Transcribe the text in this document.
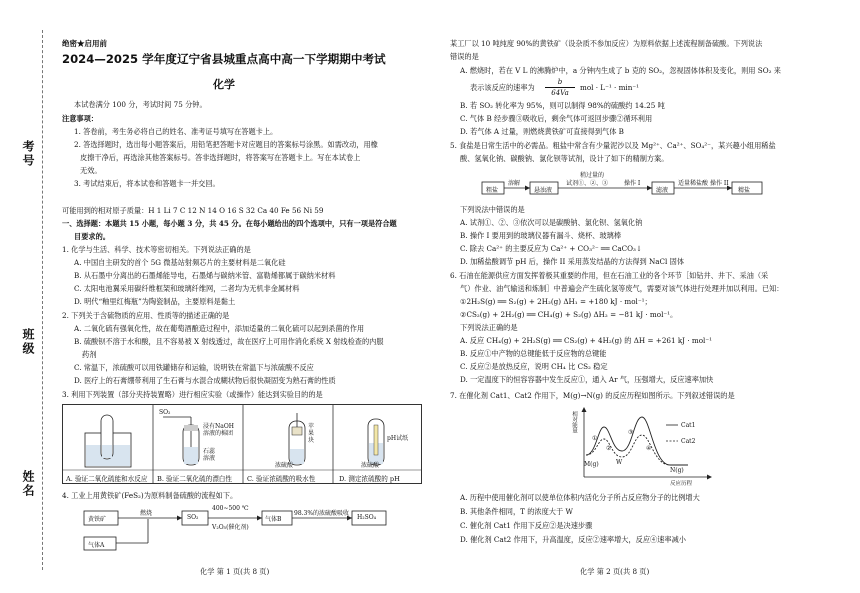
考号
班级
姓名
绝密★启用前
2024—2025 学年度辽宁省县城重点高中高一下学期期中考试
化学
本试卷满分 100 分，考试时间 75 分钟。
注意事项：
1. 答卷前，考生务必将自己的姓名、准考证号填写在答题卡上。
2. 答选择题时，选出每小题答案后，用铅笔把答题卡对应题目的答案标号涂黑。如需改动，用橡
皮擦干净后，再选涂其他答案标号。答非选择题时，将答案写在答题卡上。写在本试卷上
无效。
3. 考试结束后，将本试卷和答题卡一并交回。
可能用到的相对原子质量：H 1 Li 7 C 12 N 14 O 16 S 32 Ca 40 Fe 56 Ni 59
一、选择题：本题共 15 小题，每小题 3 分，共 45 分。在每小题给出的四个选项中，只有一项是符合题
目要求的。
1. 化学与生活、科学、技术等密切相关。下列说法正确的是
A. 中国自主研发的首个 5G 微基站射频芯片的主要材料是二氧化硅
B. 从石墨中分离出的石墨烯能导电，石墨烯与碳纳米管、富勒烯都属于碳纳米材料
C. 太阳电池翼采用碳纤维框架和玻璃纤维网，二者均为无机非金属材料
D. 明代“釉里红梅瓶”为陶瓷制品，主要原料是黏土
2. 下列关于含硫物质的应用、性质等的描述正确的是
A. 二氧化硫有强氧化性，故在葡萄酒酿造过程中，添加适量的二氧化硫可以起到杀菌的作用
B. 硫酸钡不溶于水和酸，且不容易被 X 射线透过，故在医疗上可用作消化系统 X 射线检查的内服
药剂
C. 常温下，浓硫酸可以用铁罐储存和运输，说明铁在常温下与浓硫酸不反应
D. 医疗上的石膏绷带利用了生石膏与水混合成糊状物后很快凝固变为熟石膏的性质
3. 利用下列装置（部分夹持装置略）进行相应实验（或操作）能达到实验目的的是
SO₂
浸有NaOH
溶液的棉团
石蕊
溶液
苹
果
块
浓硫酸
pH试纸
浓硫酸
A. 验证二氧化硫能和水反应 B. 验证二氧化硫的漂白性 C. 验证浓硫酸的吸水性	D. 测定浓硫酸的 pH
4. 工业上用黄铁矿(FeS₂)为原料制备硫酸的流程如下。
黄铁矿
燃烧
SO₂
400~500 ℃
V₂O₅(催化剂)
气体B
98.3%的浓硫酸吸收
H₂SO₄
气体A
化学 第 1 页(共 8 页)
某工厂以 10 吨纯度 90%的黄铁矿（设杂质不参加反应）为原料依据上述流程制备硫酸。下列说法
错误的是
A. 燃烧时，若在 V L 的沸腾炉中，a 分钟内生成了 b 克的 SO₂，忽视固体体积及变化，则用 SO₂ 来
表示该反应的速率为
b
64Va
mol · L⁻¹ · min⁻¹
B. 若 SO₂ 转化率为 95%，则可以制得 98%的硫酸约 14.25 吨
C. 气体 B 经步骤③吸收后，剩余气体可返回步骤②循环利用
D. 若气体 A 过量，则燃烧黄铁矿可直接得到气体 B
5. 食盐是日常生活中的必需品。粗盐中常含有少量泥沙以及 Mg²⁺、Ca²⁺、SO₄²⁻，某兴趣小组用稀盐
酸、氢氧化钠、碳酸钠、氯化钡等试剂，设计了如下的精制方案。
粗盐
溶解
悬浊液
稍过量的
试剂①、②、③	操作 I
滤液
适量稀盐酸 操作 II
精盐
下列说法中错误的是
A. 试剂①、②、③依次可以是碳酸钠、氯化钡、氢氧化钠
B. 操作 I 要用到的玻璃仪器有漏斗、烧杯、玻璃棒
C. 除去 Ca²⁺ 的主要反应为 Ca²⁺ + CO₃²⁻ ══ CaCO₃↓
D. 加稀盐酸调节 pH 后，操作 II 采用蒸发结晶的方法得到 NaCl 固体
6. 石油在能源供应方面发挥着极其重要的作用，但在石油工业的各个环节［如钻井、井下、采油（采
气）作业、油气输送和炼制］中普遍会产生硫化氢等废气，需要对该气体进行处理并加以利用。已知：
①2H₂S(g) ══ S₂(g) + 2H₂(g) ΔH₁ = +180 kJ · mol⁻¹；
②CS₂(g) + 2H₂(g) ══ CH₄(g) + S₂(g) ΔH₂ = −81 kJ · mol⁻¹。
下列说法正确的是
A. 反应 CH₄(g) + 2H₂S(g) ══ CS₂(g) + 4H₂(g) 的 ΔH = +261 kJ · mol⁻¹
B. 反应①中产物的总键能低于反应物的总键能
C. 反应②是放热反应，说明 CH₄ 比 CS₂ 稳定
D. 一定温度下的恒容容器中发生反应①，通入 Ar 气，压强增大，反应速率加快
7. 在催化剂 Cat1、Cat2 作用下，M(g)→N(g) 的反应历程如图所示。下列叙述错误的是
相对能量
反应历程
Cat1
Cat2
M(g)	W
N(g)
①
②
③
④
A. 历程中使用催化剂可以使单位体积内活化分子所占反应物分子的比例增大
B. 其他条件相同，T 的浓度大于 W
C. 催化剂 Cat1 作用下反应②是决速步骤
D. 催化剂 Cat2 作用下，升高温度，反应②速率增大，反应④速率减小
化学 第 2 页(共 8 页)
